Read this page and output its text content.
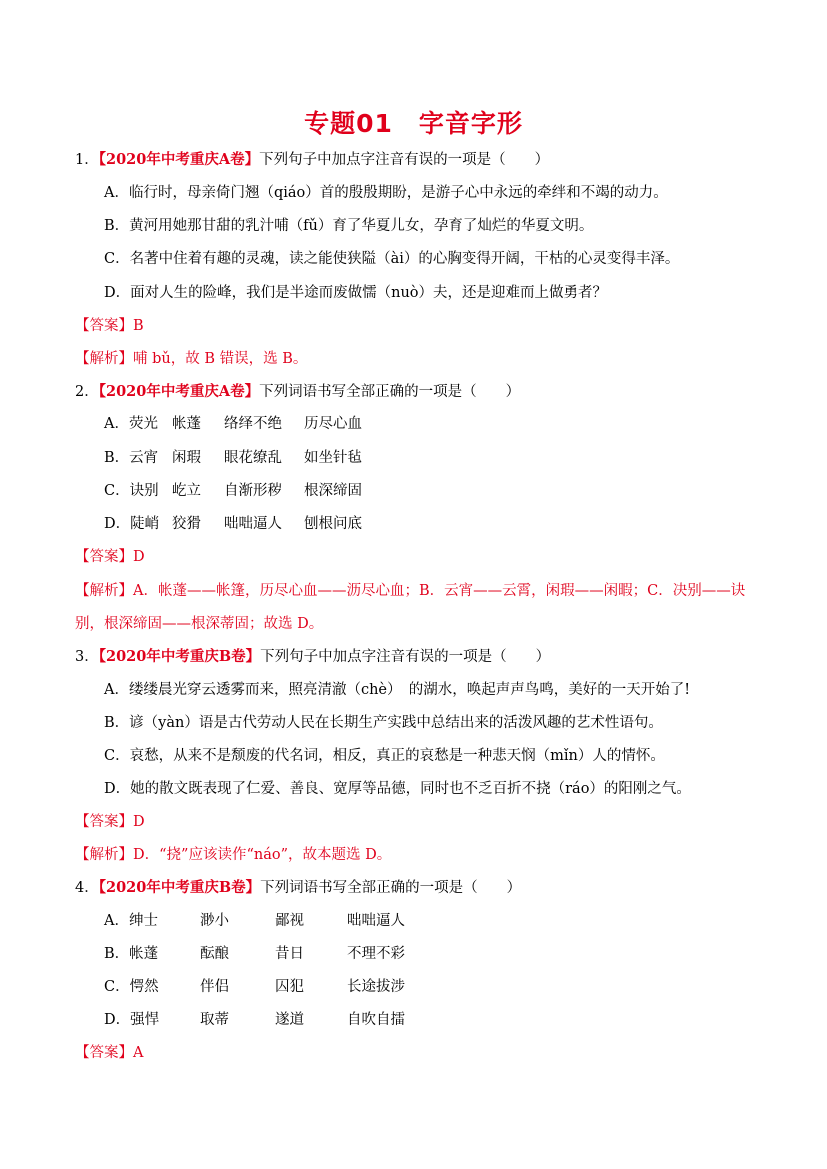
专题01　字音字形
1．【2020年中考重庆A卷】下列句子中加点字注音有误的一项是（　　）
A．临行时，母亲倚门翘（qiáo）首的殷殷期盼，是游子心中永远的牵绊和不竭的动力。
B．黄河用她那甘甜的乳汁哺（fǔ）育了华夏儿女，孕育了灿烂的华夏文明。
C．名著中住着有趣的灵魂，读之能使狭隘（ài）的心胸变得开阔，干枯的心灵变得丰泽。
D．面对人生的险峰，我们是半途而废做懦（nuò）夫，还是迎难而上做勇者？
【答案】B
【解析】哺 bǔ，故 B 错误，选 B。
2．【2020年中考重庆A卷】下列词语书写全部正确的一项是（　　）
A．荧光 帐蓬 络绎不绝 历尽心血
B．云宵 闲瑕 眼花缭乱 如坐针毡
C．诀别 屹立 自渐形秽 根深缔固
D．陡峭 狡猾 咄咄逼人 刨根问底
【答案】D
【解析】A．帐蓬——帐篷，历尽心血——沥尽心血；B．云宵——云霄，闲瑕——闲暇；C．决别——诀
别，根深缔固——根深蒂固；故选 D。
3．【2020年中考重庆B卷】下列句子中加点字注音有误的一项是（　　）
A．缕缕晨光穿云透雾而来，照亮清澈（chè）　的湖水，唤起声声鸟鸣，美好的一天开始了!
B．谚（yàn）语是古代劳动人民在长期生产实践中总结出来的活泼风趣的艺术性语句。
C．哀愁，从来不是颓废的代名词，相反，真正的哀愁是一种悲天悯（mǐn）人的情怀。
D．她的散文既表现了仁爱、善良、宽厚等品德，同时也不乏百折不挠（ráo）的阳刚之气。
【答案】D
【解析】D．“挠”应该读作“náo”，故本题选 D。
4．【2020年中考重庆B卷】下列词语书写全部正确的一项是（　　）
A．绅士	渺小	鄙视	咄咄逼人
B．帐蓬	酝酿	昔日	不理不彩
C．愕然	伴侣	囚犯	长途拔涉
D．强悍	取蒂	遂道	自吹自擂
【答案】A
